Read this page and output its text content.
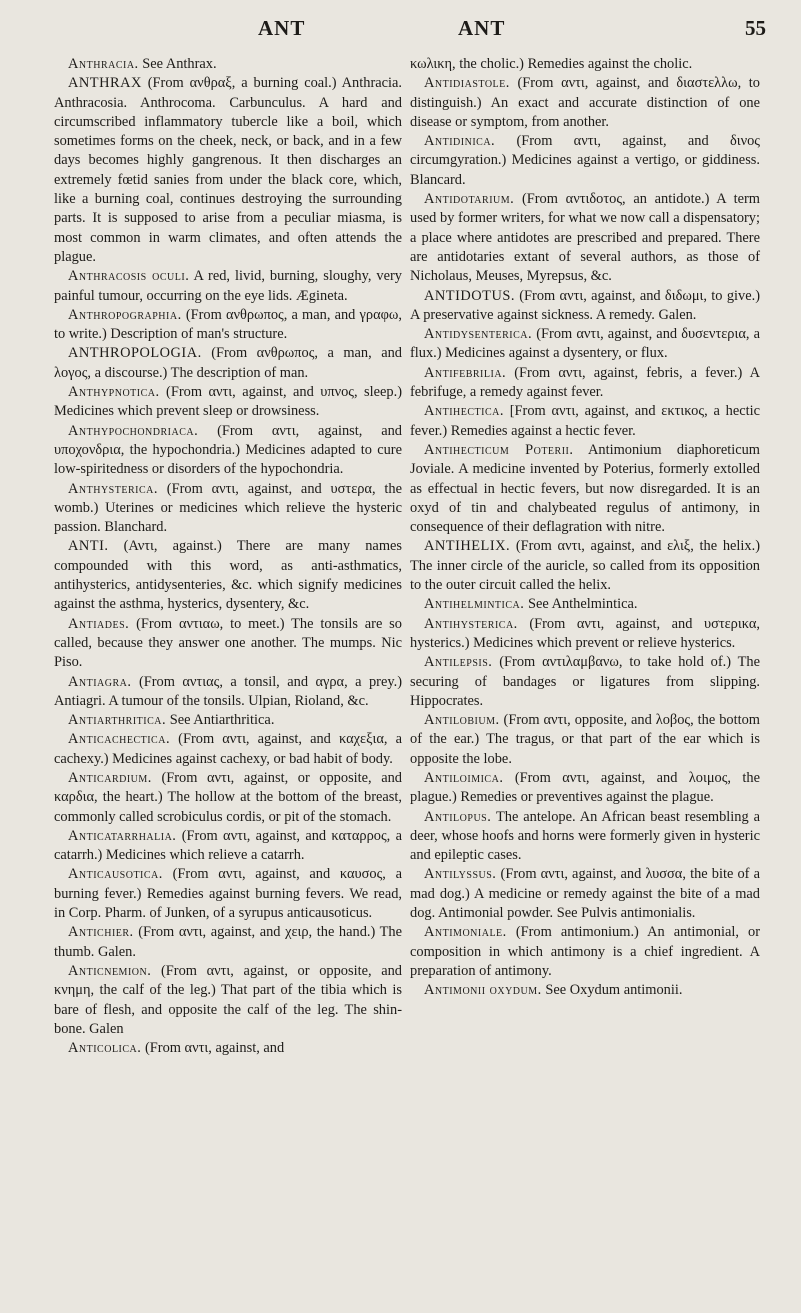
ANT	ANT	55

Anthracia. See Anthrax.

ANTHRAX (From ανθραξ, a burning coal.) Anthracia. Anthracosia. Anthrocoma. Carbunculus. A hard and circumscribed inflammatory tubercle like a boil, which sometimes forms on the cheek, neck, or back, and in a few days becomes highly gangrenous. It then discharges an extremely fœtid sanies from under the black core, which, like a burning coal, continues destroying the surrounding parts. It is supposed to arise from a peculiar miasma, is most common in warm climates, and often attends the plague.

Anthracosis oculi. A red, livid, burning, sloughy, very painful tumour, occurring on the eye lids. Ægineta.

Anthropographia. (From ανθρωπος, a man, and γραφω, to write.) Description of man's structure.

ANTHROPOLOGIA. (From ανθρωπος, a man, and λογος, a discourse.) The description of man.

Anthypnotica. (From αντι, against, and υπνος, sleep.) Medicines which prevent sleep or drowsiness.

Anthypochondriaca. (From αντι, against, and υποχονδρια, the hypochondria.) Medicines adapted to cure low-spiritedness or disorders of the hypochondria.

Anthysterica. (From αντι, against, and υστερα, the womb.) Uterines or medicines which relieve the hysteric passion. Blanchard.

ANTI. (Αντι, against.) There are many names compounded with this word, as anti-asthmatics, antihysterics, antidysenteries, &c. which signify medicines against the asthma, hysterics, dysentery, &c.

Antiades. (From αντιαω, to meet.) The tonsils are so called, because they answer one another. The mumps. Nic Piso.

Antiagra. (From αντιας, a tonsil, and αγρα, a prey.) Antiagri. A tumour of the tonsils. Ulpian, Rioland, &c.

Antiarthritica. See Antiarthritica.

Anticachectica. (From αντι, against, and καχεξια, a cachexy.) Medicines against cachexy, or bad habit of body.

Anticardium. (From αντι, against, or opposite, and καρδια, the heart.) The hollow at the bottom of the breast, commonly called scrobiculus cordis, or pit of the stomach.

Anticatarrhalia. (From αντι, against, and καταρρος, a catarrh.) Medicines which relieve a catarrh.

Anticausotica. (From αντι, against, and καυσος, a burning fever.) Remedies against burning fevers. We read, in Corp. Pharm. of Junken, of a syrupus anticausoticus.

Antichier. (From αντι, against, and χειρ, the hand.) The thumb. Galen.

Anticnemion. (From αντι, against, or opposite, and κνημη, the calf of the leg.) That part of the tibia which is bare of flesh, and opposite the calf of the leg. The shin-bone. Galen

Anticolica. (From αντι, against, and

κωλικη, the cholic.) Remedies against the cholic.

Antidiastole. (From αντι, against, and διαστελλω, to distinguish.) An exact and accurate distinction of one disease or symptom, from another.

Antidinica. (From αντι, against, and δινος circumgyration.) Medicines against a vertigo, or giddiness. Blancard.

Antidotarium. (From αντιδοτος, an antidote.) A term used by former writers, for what we now call a dispensatory; a place where antidotes are prescribed and prepared. There are antidotaries extant of several authors, as those of Nicholaus, Meuses, Myrepsus, &c.

ANTIDOTUS. (From αντι, against, and διδωμι, to give.) A preservative against sickness. A remedy. Galen.

Antidysenterica. (From αντι, against, and δυσεντερια, a flux.) Medicines against a dysentery, or flux.

Antifebrilia. (From αντι, against, febris, a fever.) A febrifuge, a remedy against fever.

Antihectica. [From αντι, against, and εκτικος, a hectic fever.) Remedies against a hectic fever.

Antihecticum Poterii. Antimonium diaphoreticum Joviale. A medicine invented by Poterius, formerly extolled as effectual in hectic fevers, but now disregarded. It is an oxyd of tin and chalybeated regulus of antimony, in consequence of their deflagration with nitre.

ANTIHELIX. (From αντι, against, and ελιξ, the helix.) The inner circle of the auricle, so called from its opposition to the outer circuit called the helix.

Antihelmintica. See Anthelmintica.

Antihysterica. (From αντι, against, and υστερικα, hysterics.) Medicines which prevent or relieve hysterics.

Antilepsis. (From αντιλαμβανω, to take hold of.) The securing of bandages or ligatures from slipping. Hippocrates.

Antilobium. (From αντι, opposite, and λοβος, the bottom of the ear.) The tragus, or that part of the ear which is opposite the lobe.

Antiloimica. (From αντι, against, and λοιμος, the plague.) Remedies or preventives against the plague.

Antilopus. The antelope. An African beast resembling a deer, whose hoofs and horns were formerly given in hysteric and epileptic cases.

Antilyssus. (From αντι, against, and λυσσα, the bite of a mad dog.) A medicine or remedy against the bite of a mad dog. Antimonial powder. See Pulvis antimonialis.

Antimoniale. (From antimonium.) An antimonial, or composition in which antimony is a chief ingredient. A preparation of antimony.

Antimonii oxydum. See Oxydum antimonii.
